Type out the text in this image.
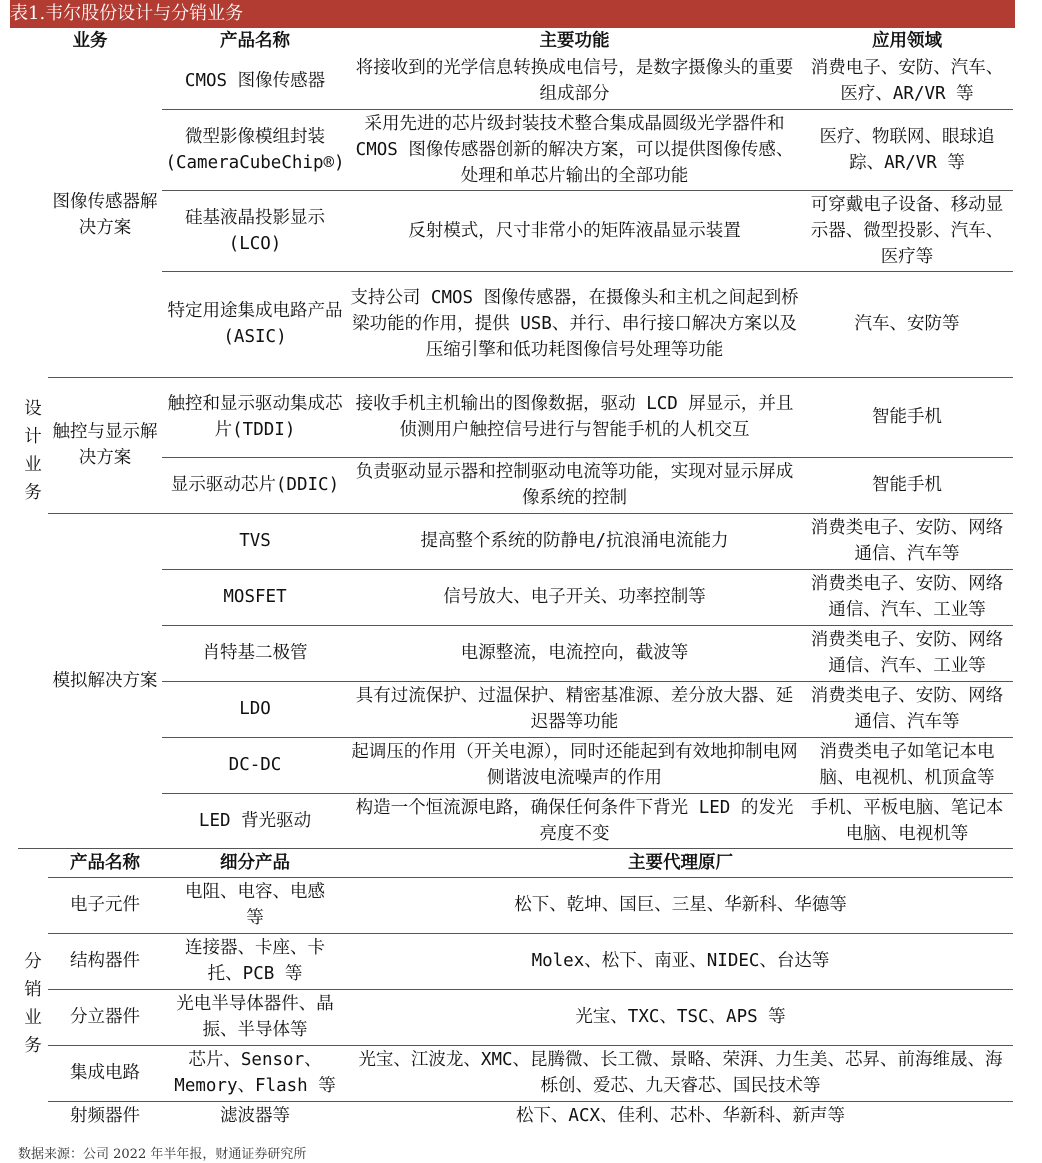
表1.韦尔股份设计与分销业务
业务		产品名称	主要功能	应用领域

设计业务	图像传感器解决方案	CMOS 图像传感器	将接收到的光学信息转换成电信号，是数字摄像头的重要组成部分	消费电子、安防、汽车、医疗、AR/VR 等
		微型影像模组封装(CameraCubeChip®)	采用先进的芯片级封装技术整合集成晶圆级光学器件和 CMOS 图像传感器创新的解决方案，可以提供图像传感、处理和单芯片输出的全部功能	医疗、物联网、眼球追踪、AR/VR 等
		硅基液晶投影显示(LCO)	反射模式，尺寸非常小的矩阵液晶显示装置	可穿戴电子设备、移动显示器、微型投影、汽车、医疗等
		特定用途集成电路产品(ASIC)	支持公司 CMOS 图像传感器，在摄像头和主机之间起到桥梁功能的作用，提供 USB、并行、串行接口解决方案以及压缩引擎和低功耗图像信号处理等功能	汽车、安防等

	触控与显示解决方案	触控和显示驱动集成芯片(TDDI)	接收手机主机输出的图像数据，驱动 LCD 屏显示，并且侦测用户触控信号进行与智能手机的人机交互	智能手机
		显示驱动芯片(DDIC)	负责驱动显示器和控制驱动电流等功能，实现对显示屏成像系统的控制	智能手机

	模拟解决方案	TVS	提高整个系统的防静电/抗浪涌电流能力	消费类电子、安防、网络通信、汽车等
		MOSFET	信号放大、电子开关、功率控制等	消费类电子、安防、网络通信、汽车、工业等
		肖特基二极管	电源整流，电流控向，截波等	消费类电子、安防、网络通信、汽车、工业等
		LDO	具有过流保护、过温保护、精密基准源、差分放大器、延迟器等功能	消费类电子、安防、网络通信、汽车等
		DC-DC	起调压的作用（开关电源），同时还能起到有效地抑制电网侧谐波电流噪声的作用	消费类电子如笔记本电脑、电视机、机顶盒等
		LED 背光驱动	构造一个恒流源电路，确保任何条件下背光 LED 的发光亮度不变	手机、平板电脑、笔记本电脑、电视机等
	产品名称	细分产品	主要代理原厂	

分销业务	电子元件	电阻、电容、电感等	松下、乾坤、国巨、三星、华新科、华德等	
	结构器件	连接器、卡座、卡托、PCB 等	Molex、松下、南亚、NIDEC、台达等	
	分立器件	光电半导体器件、晶振、半导体等	光宝、TXC、TSC、APS 等	
	集成电路	芯片、Sensor、Memory、Flash 等	光宝、江波龙、XMC、昆腾微、长工微、景略、荣湃、力生美、芯昇、前海维晟、海栎创、爱芯、九天睿芯、国民技术等	
	射频器件	滤波器等	松下、ACX、佳利、芯朴、华新科、新声等	
数据来源：公司 2022 年半年报，财通证券研究所
